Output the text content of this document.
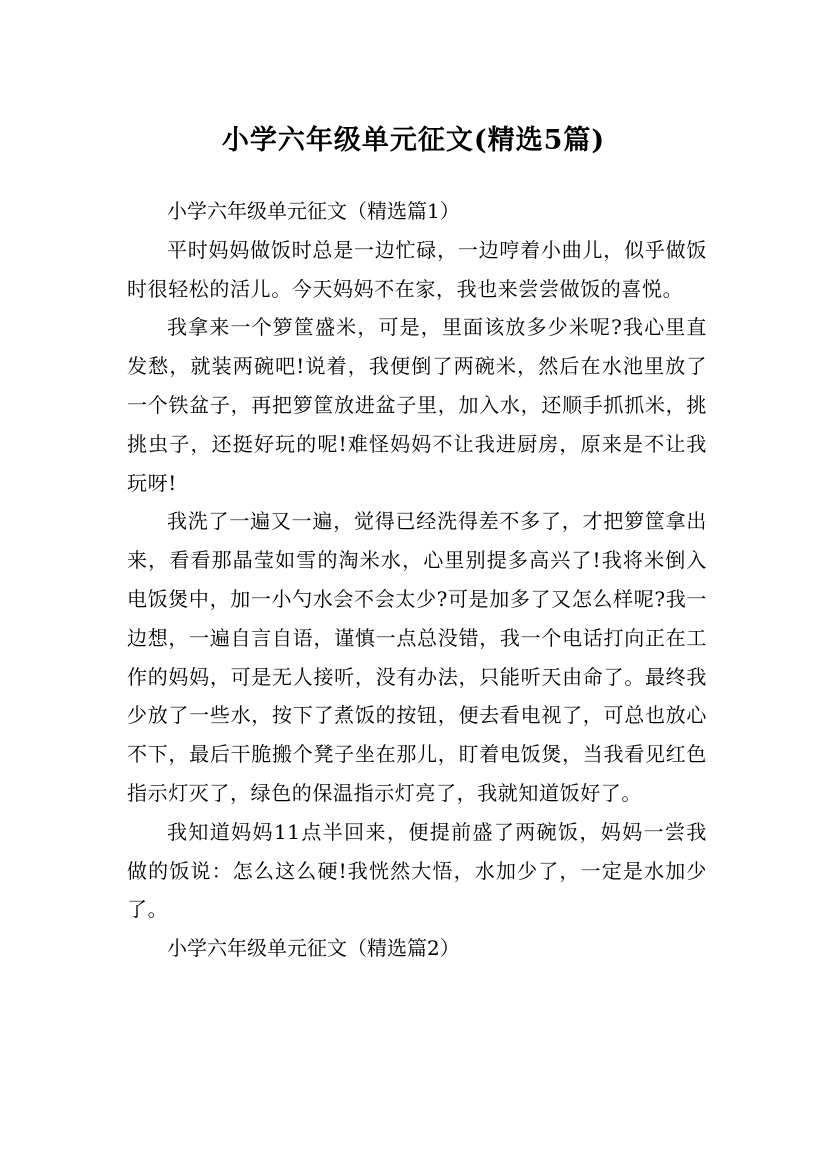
小学六年级单元征文(精选5篇)

小学六年级单元征文（精选篇1）

平时妈妈做饭时总是一边忙碌，一边哼着小曲儿，似乎做饭时很轻松的活儿。今天妈妈不在家，我也来尝尝做饭的喜悦。

我拿来一个箩筐盛米，可是，里面该放多少米呢?我心里直发愁，就装两碗吧!说着，我便倒了两碗米，然后在水池里放了一个铁盆子，再把箩筐放进盆子里，加入水，还顺手抓抓米，挑挑虫子，还挺好玩的呢!难怪妈妈不让我进厨房，原来是不让我玩呀!

我洗了一遍又一遍，觉得已经洗得差不多了，才把箩筐拿出来，看看那晶莹如雪的淘米水，心里别提多高兴了!我将米倒入电饭煲中，加一小勺水会不会太少?可是加多了又怎么样呢?我一边想，一遍自言自语，谨慎一点总没错，我一个电话打向正在工作的妈妈，可是无人接听，没有办法，只能听天由命了。最终我少放了一些水，按下了煮饭的按钮，便去看电视了，可总也放心不下，最后干脆搬个凳子坐在那儿，盯着电饭煲，当我看见红色指示灯灭了，绿色的保温指示灯亮了，我就知道饭好了。

我知道妈妈11点半回来，便提前盛了两碗饭，妈妈一尝我做的饭说：怎么这么硬!我恍然大悟，水加少了，一定是水加少了。

小学六年级单元征文（精选篇2）
